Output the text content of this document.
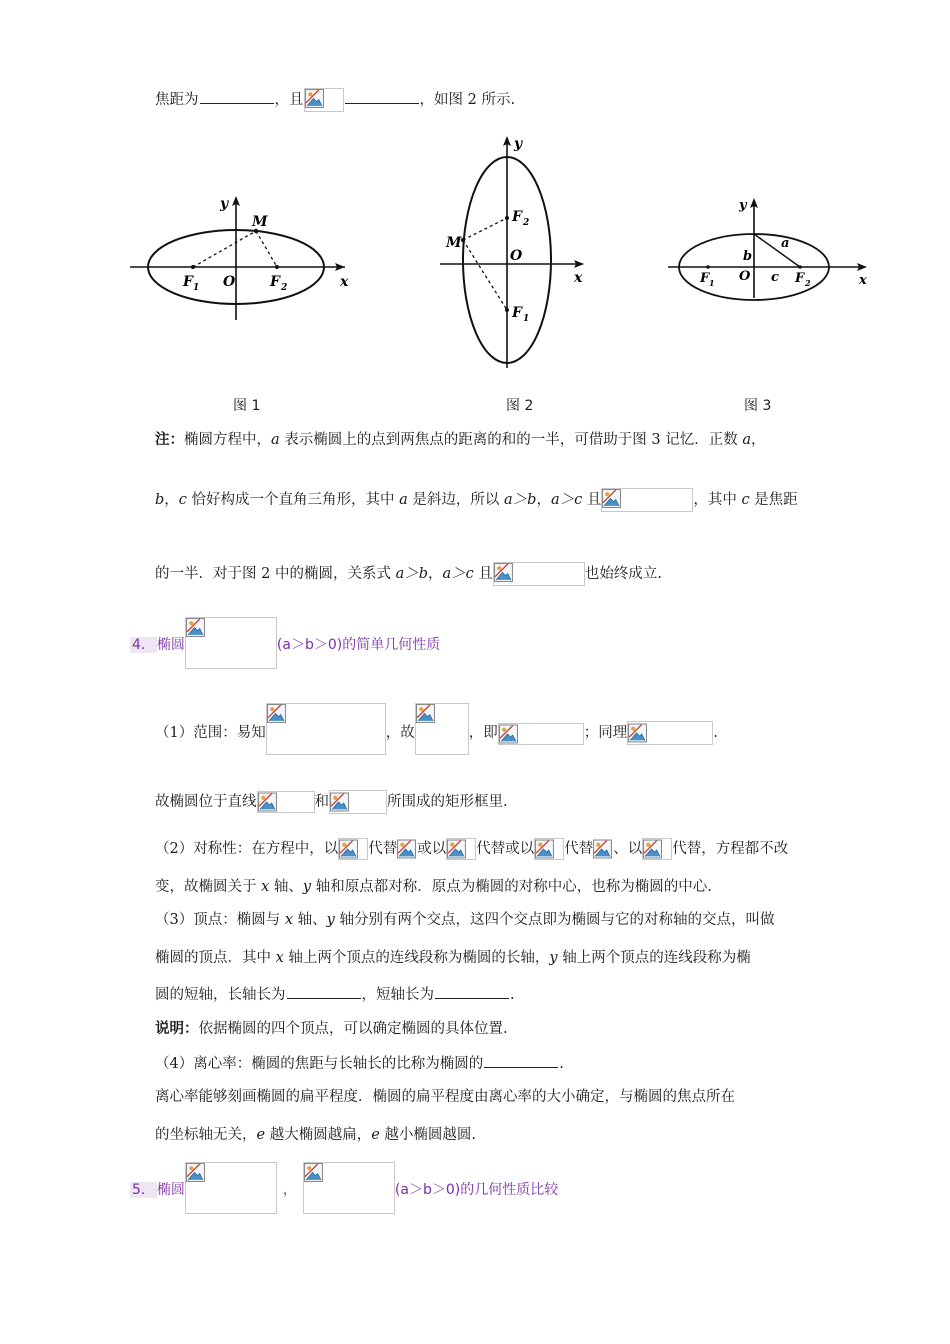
焦距为	，且	，如图 2 所示.
y
x
M
O
F 1	F 2
y
x
M
O
F 2
F 1
y
x
a
b
O c
F 1	F 2
图 1	图 2	图 3
注：椭圆方程中，a 表示椭圆上的点到两焦点的距离的和的一半，可借助于图 3 记忆．正数 a，
b，c 恰好构成一个直角三角形，其中 a 是斜边，所以 a＞b，a＞c 且	，其中 c 是焦距
的一半．对于图 2 中的椭圆，关系式 a＞b，a＞c 且	也始终成立.
4． 椭圆	(a＞b＞0)的简单几何性质
（1）范围：易知	，故	，即	；同理	.
故椭圆位于直线	和	所围成的矩形框里.
（2）对称性：在方程中，以 代替 或以 代替或以 代替 、以 代替，方程都不改
变，故椭圆关于 x 轴、y 轴和原点都对称．原点为椭圆的对称中心，也称为椭圆的中心.
（3）顶点：椭圆与 x 轴、y 轴分别有两个交点，这四个交点即为椭圆与它的对称轴的交点，叫做
椭圆的顶点．其中 x 轴上两个顶点的连线段称为椭圆的长轴，y 轴上两个顶点的连线段称为椭
圆的短轴，长轴长为	，短轴长为	.
说明：依据椭圆的四个顶点，可以确定椭圆的具体位置.
（4）离心率：椭圆的焦距与长轴长的比称为椭圆的	.
离心率能够刻画椭圆的扁平程度．椭圆的扁平程度由离心率的大小确定，与椭圆的焦点所在
的坐标轴无关，e 越大椭圆越扁，e 越小椭圆越圆.
5． 椭圆	，	(a＞b＞0)的几何性质比较
